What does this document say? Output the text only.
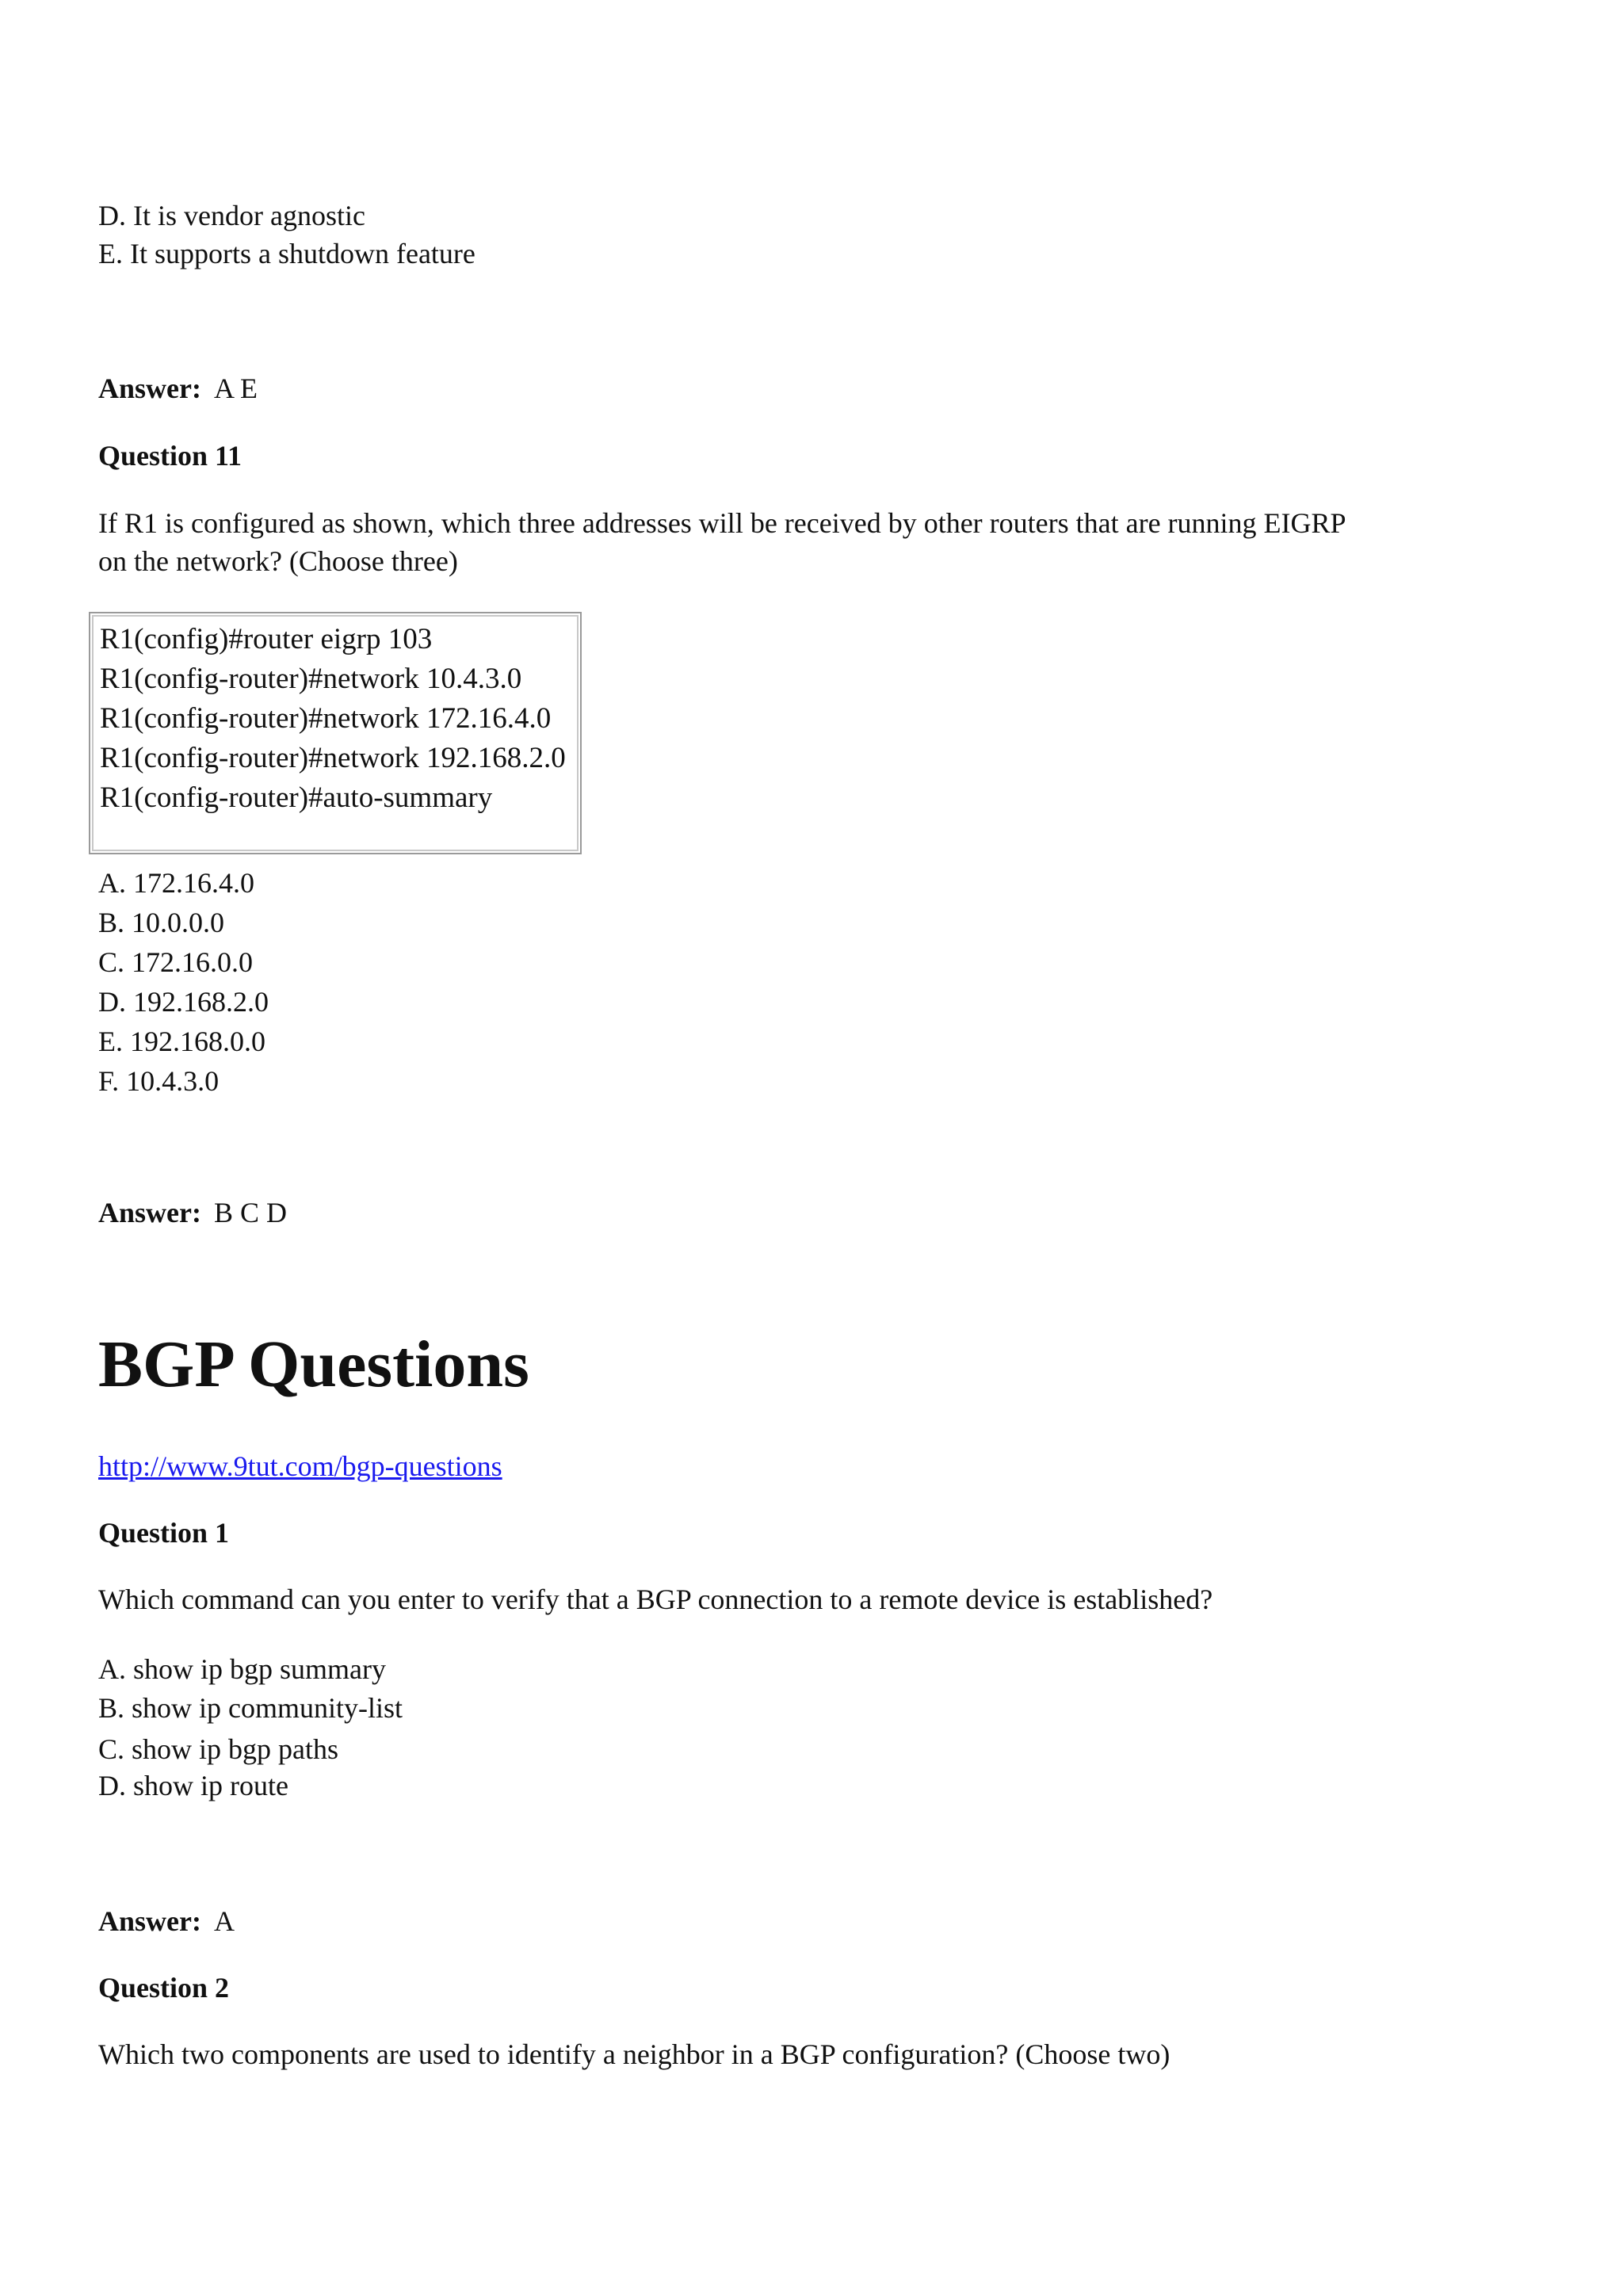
D. It is vendor agnostic
E. It supports a shutdown feature
Answer: A E
Question 11
If R1 is configured as shown, which three addresses will be received by other routers that are running EIGRP
on the network? (Choose three)
R1(config)#router eigrp 103
R1(config-router)#network 10.4.3.0
R1(config-router)#network 172.16.4.0
R1(config-router)#network 192.168.2.0
R1(config-router)#auto-summary
A. 172.16.4.0
B. 10.0.0.0
C. 172.16.0.0
D. 192.168.2.0
E. 192.168.0.0
F. 10.4.3.0
Answer: B C D
BGP Questions
http://www.9tut.com/bgp-questions
Question 1
Which command can you enter to verify that a BGP connection to a remote device is established?
A. show ip bgp summary
B. show ip community-list
C. show ip bgp paths
D. show ip route
Answer: A
Question 2
Which two components are used to identify a neighbor in a BGP configuration? (Choose two)
